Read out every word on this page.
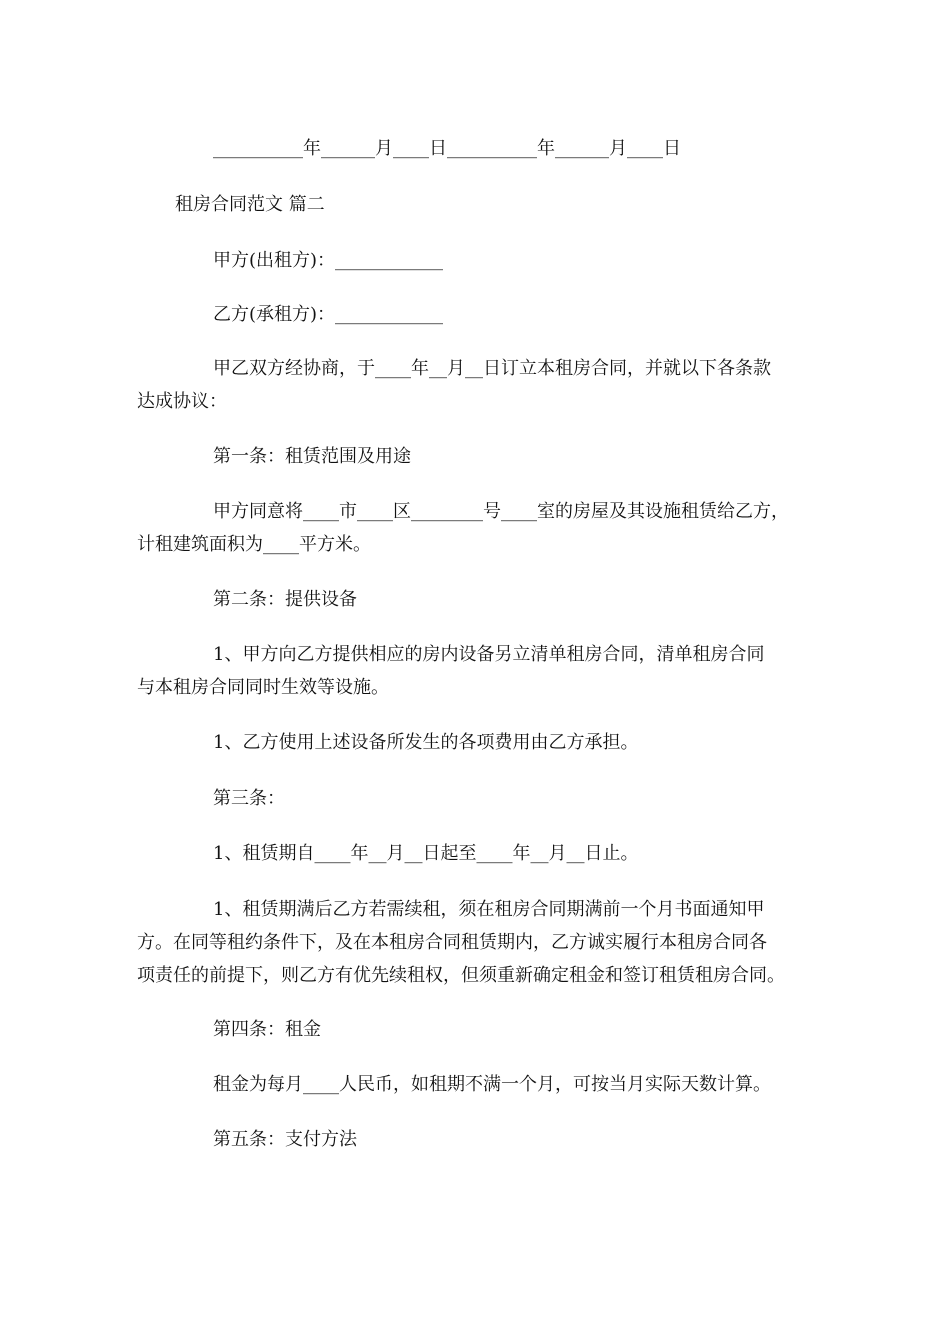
__________年______月____日__________年______月____日
租房合同范文 篇二
甲方(出租方)：____________
乙方(承租方)：____________
甲乙双方经协商，于____年__月__日订立本租房合同，并就以下各条款
达成协议：
第一条：租赁范围及用途
甲方同意将____市____区________号____室的房屋及其设施租赁给乙方，
计租建筑面积为____平方米。
第二条：提供设备
1、甲方向乙方提供相应的房内设备另立清单租房合同，清单租房合同
与本租房合同同时生效等设施。
1、乙方使用上述设备所发生的各项费用由乙方承担。
第三条：
1、租赁期自____年__月__日起至____年__月__日止。
1、租赁期满后乙方若需续租，须在租房合同期满前一个月书面通知甲
方。在同等租约条件下，及在本租房合同租赁期内，乙方诚实履行本租房合同各
项责任的前提下，则乙方有优先续租权，但须重新确定租金和签订租赁租房合同。
第四条：租金
租金为每月____人民币，如租期不满一个月，可按当月实际天数计算。
第五条：支付方法
